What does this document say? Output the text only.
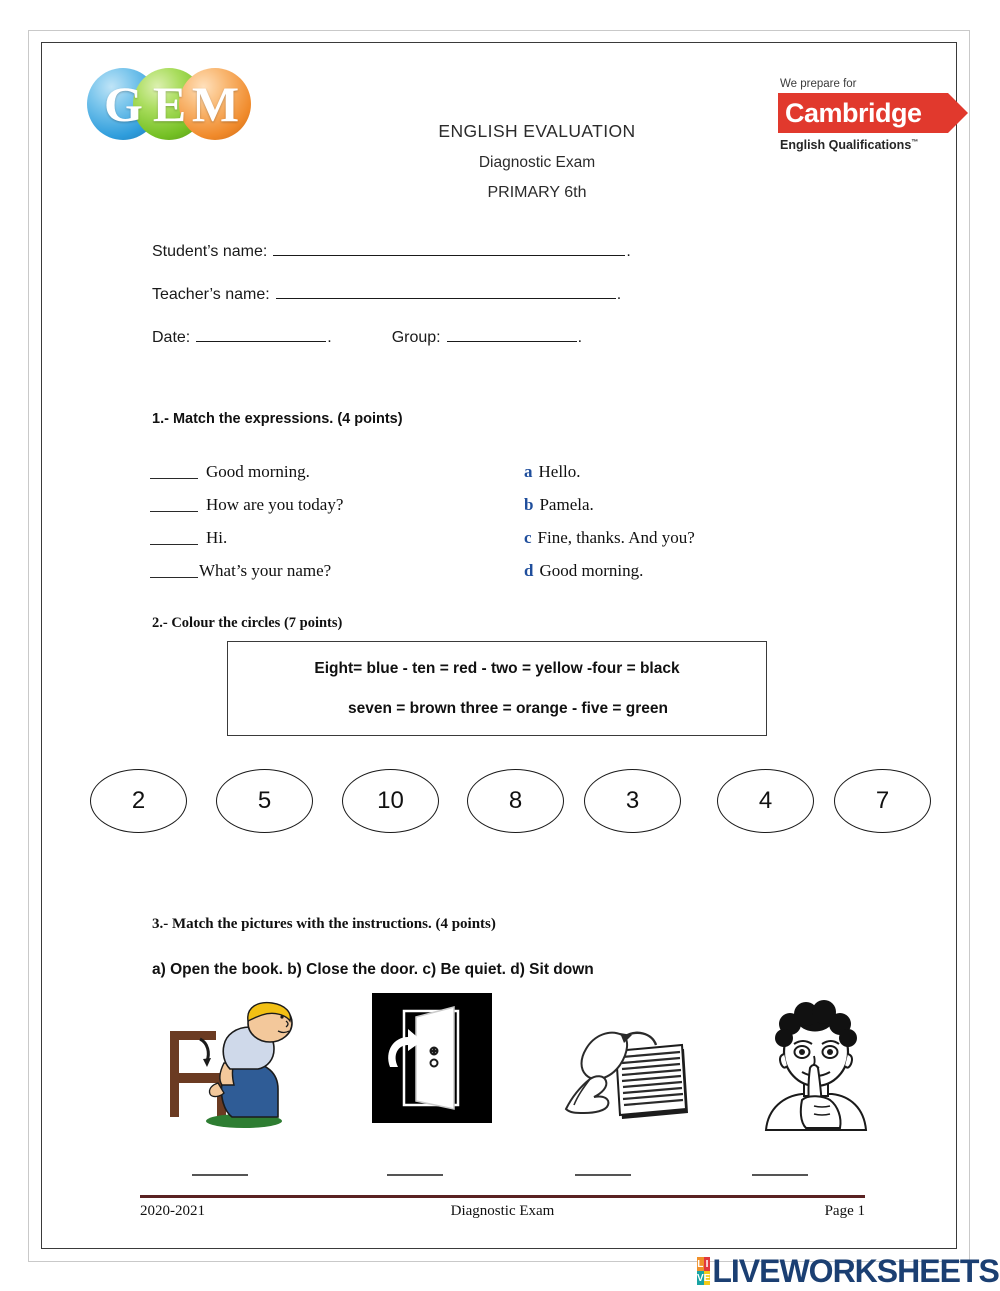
G E M	We prepare for
Cambridge
English Qualifications™
ENGLISH EVALUATION
Diagnostic Exam
PRIMARY 6th
Student’s name:	.
Teacher’s name:	.
Date:	.	Group:	.
1.- Match the expressions. (4 points)
Good morning.
How are you today?
Hi.
What’s your name?
a Hello.
b Pamela.
c Fine, thanks. And you?
d Good morning.
2.- Colour the circles (7 points)
Eight= blue - ten = red - two = yellow -four = black
seven = brown three = orange - five = green
2	5	10	8	3	4	7
3.- Match the pictures with the instructions. (4 points)
a) Open the book. b) Close the door. c) Be quiet. d) Sit down
2020-2021	Diagnostic Exam	Page 1
L I
V E LIVEWORKSHEETS
